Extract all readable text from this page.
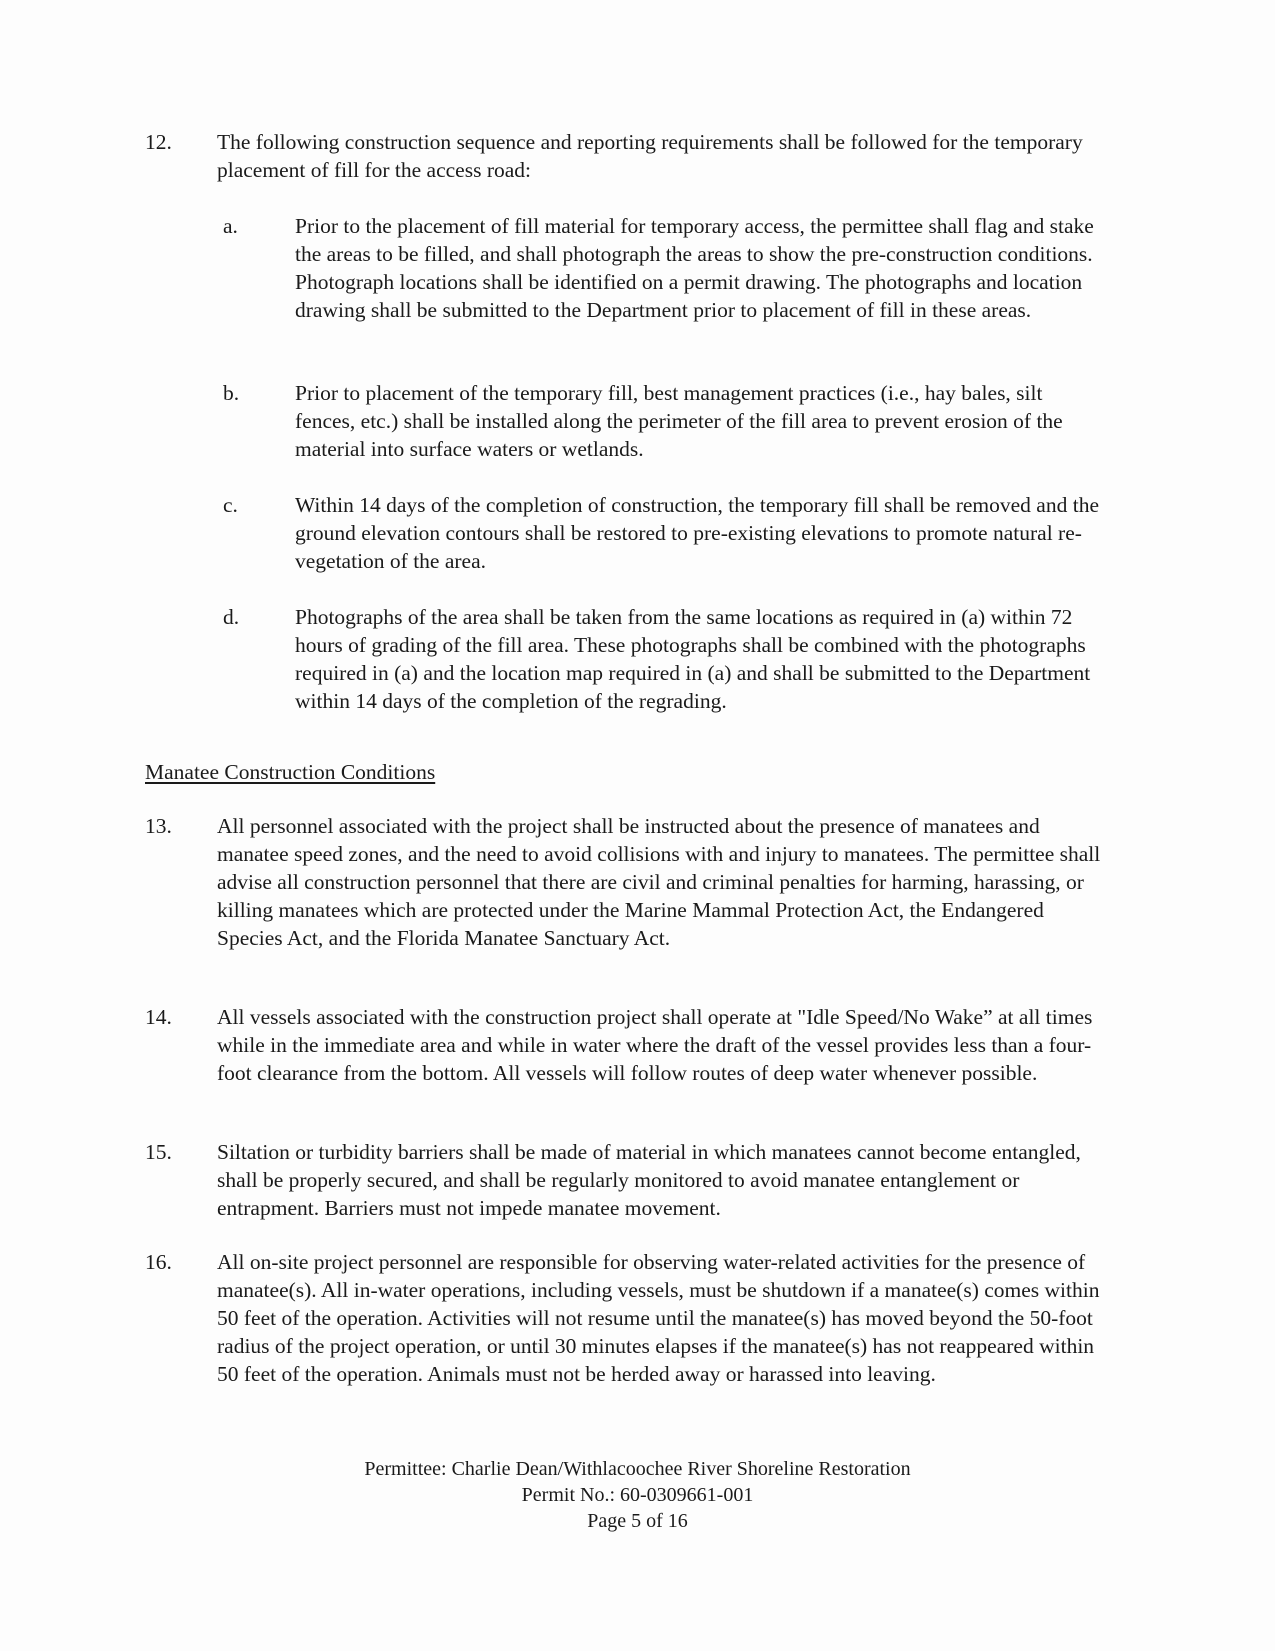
12. The following construction sequence and reporting requirements shall be followed for the temporary placement of fill for the access road:
a.	Prior to the placement of fill material for temporary access, the permittee shall flag and stake the areas to be filled, and shall photograph the areas to show the pre-construction conditions. Photograph locations shall be identified on a permit drawing. The photographs and location drawing shall be submitted to the Department prior to placement of fill in these areas.
b.	Prior to placement of the temporary fill, best management practices (i.e., hay bales, silt fences, etc.) shall be installed along the perimeter of the fill area to prevent erosion of the material into surface waters or wetlands.
c.	Within 14 days of the completion of construction, the temporary fill shall be removed and the ground elevation contours shall be restored to pre-existing elevations to promote natural re-vegetation of the area.
d.	Photographs of the area shall be taken from the same locations as required in (a) within 72 hours of grading of the fill area. These photographs shall be combined with the photographs required in (a) and the location map required in (a) and shall be submitted to the Department within 14 days of the completion of the regrading.
Manatee Construction Conditions
13. All personnel associated with the project shall be instructed about the presence of manatees and manatee speed zones, and the need to avoid collisions with and injury to manatees. The permittee shall advise all construction personnel that there are civil and criminal penalties for harming, harassing, or killing manatees which are protected under the Marine Mammal Protection Act, the Endangered Species Act, and the Florida Manatee Sanctuary Act.
14. All vessels associated with the construction project shall operate at "Idle Speed/No Wake” at all times while in the immediate area and while in water where the draft of the vessel provides less than a four-foot clearance from the bottom. All vessels will follow routes of deep water whenever possible.
15. Siltation or turbidity barriers shall be made of material in which manatees cannot become entangled, shall be properly secured, and shall be regularly monitored to avoid manatee entanglement or entrapment. Barriers must not impede manatee movement.
16. All on-site project personnel are responsible for observing water-related activities for the presence of manatee(s). All in-water operations, including vessels, must be shutdown if a manatee(s) comes within 50 feet of the operation. Activities will not resume until the manatee(s) has moved beyond the 50-foot radius of the project operation, or until 30 minutes elapses if the manatee(s) has not reappeared within 50 feet of the operation. Animals must not be herded away or harassed into leaving.
Permittee: Charlie Dean/Withlacoochee River Shoreline Restoration
Permit No.: 60-0309661-001
Page 5 of 16
